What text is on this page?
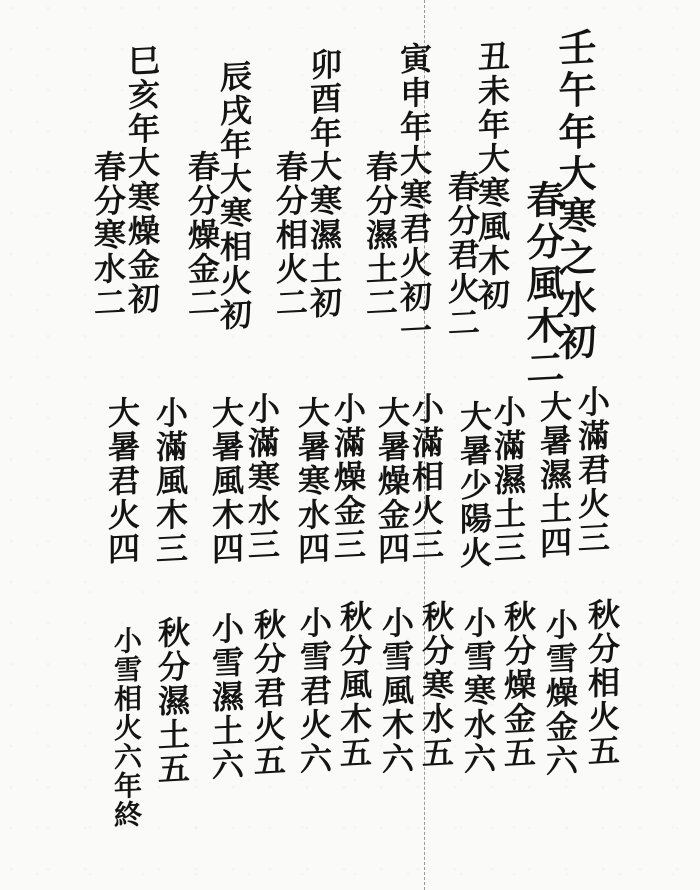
壬午年大寒之水初
春分風木二
丑未年大寒風木初
春分君火二
寅申年大寒君火初一
春分濕土二
卯酉年大寒濕土初
春分相火二
辰戌年大寒相火初
春分燥金二
巳亥年大寒燥金初
春分寒水二
小滿君火三
大暑濕土四
小滿濕土三
大暑少陽火
小滿相火三
大暑燥金四
小滿燥金三
大暑寒水四
小滿寒水三
大暑風木四
小滿風木三
大暑君火四
秋分相火五
小雪燥金六
秋分燥金五
小雪寒水六
秋分寒水五
小雪風木六
秋分風木五
小雪君火六
秋分君火五
小雪濕土六
秋分濕土五
小雪相火六年終
